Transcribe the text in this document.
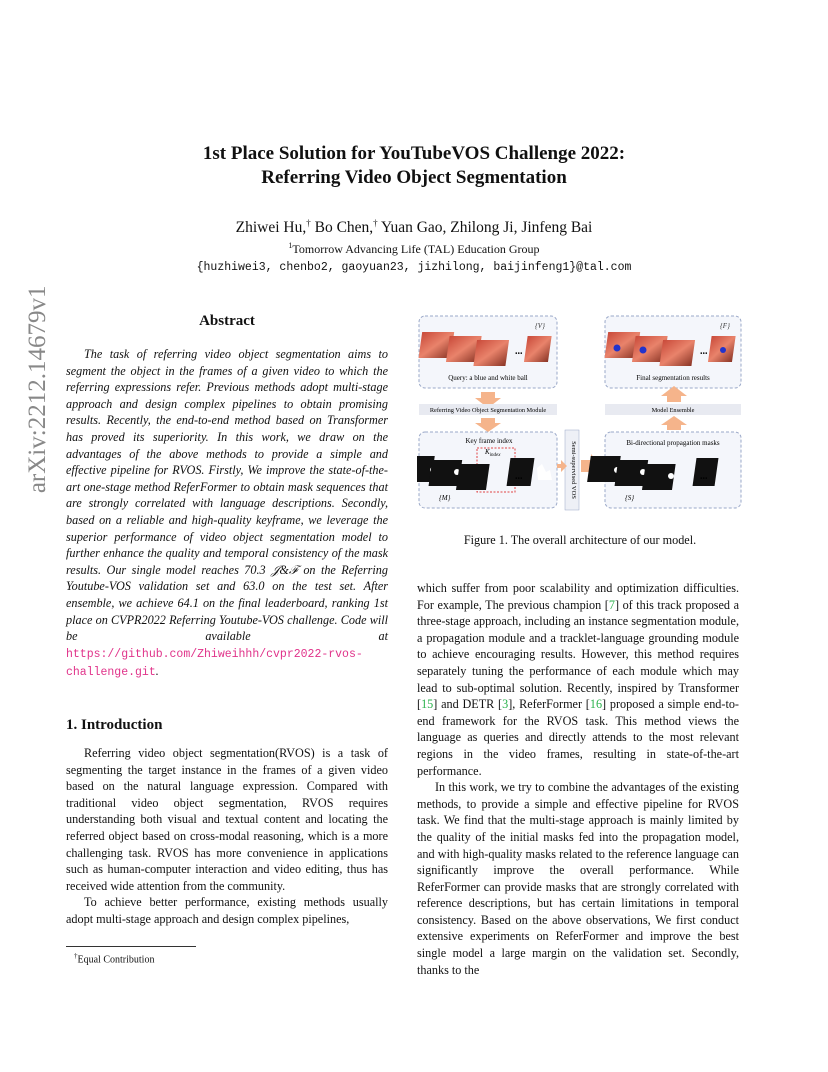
arXiv:2212.14679v1 [cs.CV] 27 Dec 2022	1st Place Solution for YouTubeVOS Challenge 2022:
Referring Video Object Segmentation
Zhiwei Hu,† Bo Chen,† Yuan Gao, Zhilong Ji, Jinfeng Bai
$^1$Tomorrow Advancing Life (TAL) Education Group
{huzhiwei3, chenbo2, gaoyuan23, jizhilong, baijinfeng1}@tal.com
Abstract
The task of referring video object segmentation aims to segment the object in the frames of a given video to which the referring expressions refer. Previous methods adopt multi-stage approach and design complex pipelines to obtain promising results. Recently, the end-to-end method based on Transformer has proved its superiority. In this work, we draw on the advantages of the above methods to provide a simple and effective pipeline for RVOS. Firstly, We improve the state-of-the-art one-stage method ReferFormer to obtain mask sequences that are strongly correlated with language descriptions. Secondly, based on a reliable and high-quality keyframe, we leverage the superior performance of video object segmentation model to further enhance the quality and temporal consistency of the mask results. Our single model reaches 70.3 𝒥&ℱ on the Referring Youtube-VOS validation set and 63.0 on the test set. After ensemble, we achieve 64.1 on the final leaderboard, ranking 1st place on CVPR2022 Referring Youtube-VOS challenge. Code will be available at https://github.com/Zhiweihhh/cvpr2022-rvos-challenge.git.
1. Introduction

Referring video object segmentation(RVOS) is a task of segmenting the target instance in the frames of a given video based on the natural language expression. Compared with traditional video object segmentation, RVOS requires understanding both visual and textual content and locating the referred object based on cross-modal reasoning, which is a more challenging task. RVOS has more convenience in applications such as human-computer interaction and video editing, thus has received wide attention from the community.

To achieve better performance, existing methods usually adopt multi-stage approach and design complex pipelines,

†Equal Contribution
{V}
...
Query: a blue and white ball
Referring Video Object Segmentation Module
Key frame index
$K_{index}$
...
{M}	Semi-supervised VOS
{F}
...
Final segmentation results
Model Ensemble
Bi-directional propagation masks
...
{S}
Figure 1. The overall architecture of our model.

which suffer from poor scalability and optimization difficulties. For example, The previous champion [7] of this track proposed a three-stage approach, including an instance segmentation module, a propagation module and a tracklet-language grounding module to achieve encouraging results. However, this method requires separately tuning the performance of each module which may lead to sub-optimal solution. Recently, inspired by Transformer [15] and DETR [3], ReferFormer [16] proposed a simple end-to-end framework for the RVOS task. This method views the language as queries and directly attends to the most relevant regions in the video frames, resulting in state-of-the-art performance.

In this work, we try to combine the advantages of the existing methods, to provide a simple and effective pipeline for RVOS task. We find that the multi-stage approach is mainly limited by the quality of the initial masks fed into the propagation model, and with high-quality masks related to the reference language can significantly improve the overall performance. While ReferFormer can provide masks that are strongly correlated with reference descriptions, but has certain limitations in temporal consistency. Based on the above observations, We first conduct extensive experiments on ReferFormer and improve the best single model a large margin on the validation set. Secondly, thanks to the
